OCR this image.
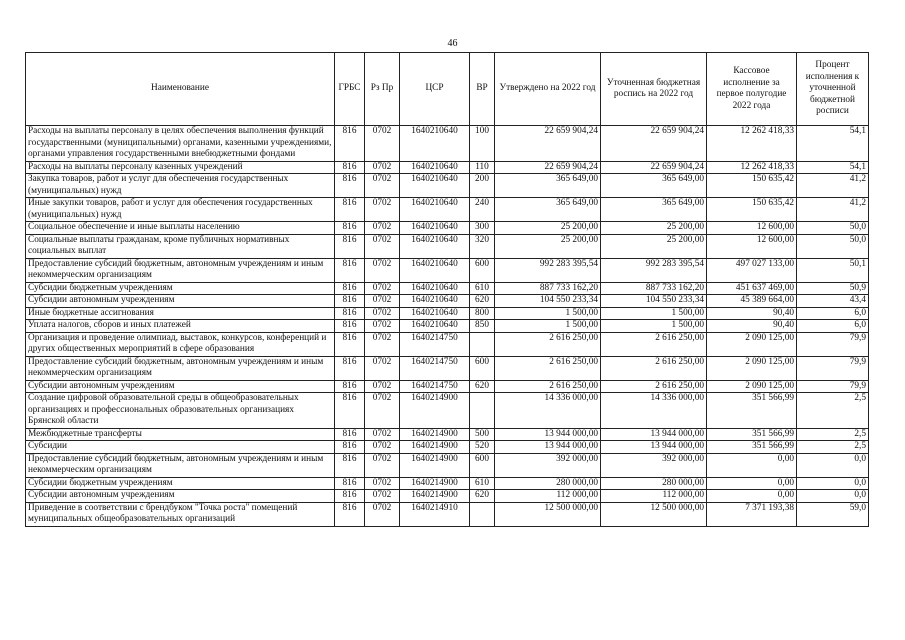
46
Наименование	ГРБС	Рз Пр	ЦСР	ВР	Утверждено на 2022 год	Уточненная бюджетная роспись на 2022 год	Кассовое исполнение за первое полугодие 2022 года	Процент исполнения к уточненной бюджетной росписи
Расходы на выплаты персоналу в целях обеспечения выполнения функций государственными (муниципальными) органами, казенными учреждениями, органами управления государственными внебюджетными фондами	816	0702	1640210640	100	22 659 904,24	22 659 904,24	12 262 418,33	54,1
Расходы на выплаты персоналу казенных учреждений	816	0702	1640210640	110	22 659 904,24	22 659 904,24	12 262 418,33	54,1
Закупка товаров, работ и услуг для обеспечения государственных (муниципальных) нужд	816	0702	1640210640	200	365 649,00	365 649,00	150 635,42	41,2
Иные закупки товаров, работ и услуг для обеспечения государственных (муниципальных) нужд	816	0702	1640210640	240	365 649,00	365 649,00	150 635,42	41,2
Социальное обеспечение и иные выплаты населению	816	0702	1640210640	300	25 200,00	25 200,00	12 600,00	50,0
Социальные выплаты гражданам, кроме публичных нормативных социальных выплат	816	0702	1640210640	320	25 200,00	25 200,00	12 600,00	50,0
Предоставление субсидий бюджетным, автономным учреждениям и иным некоммерческим организациям	816	0702	1640210640	600	992 283 395,54	992 283 395,54	497 027 133,00	50,1
Субсидии бюджетным учреждениям	816	0702	1640210640	610	887 733 162,20	887 733 162,20	451 637 469,00	50,9
Субсидии автономным учреждениям	816	0702	1640210640	620	104 550 233,34	104 550 233,34	45 389 664,00	43,4
Иные бюджетные ассигнования	816	0702	1640210640	800	1 500,00	1 500,00	90,40	6,0
Уплата налогов, сборов и иных платежей	816	0702	1640210640	850	1 500,00	1 500,00	90,40	6,0
Организация и проведение олимпиад, выставок, конкурсов, конференций и других общественных мероприятий в сфере образования	816	0702	1640214750		2 616 250,00	2 616 250,00	2 090 125,00	79,9
Предоставление субсидий бюджетным, автономным учреждениям и иным некоммерческим организациям	816	0702	1640214750	600	2 616 250,00	2 616 250,00	2 090 125,00	79,9
Субсидии автономным учреждениям	816	0702	1640214750	620	2 616 250,00	2 616 250,00	2 090 125,00	79,9
Создание цифровой образовательной среды в общеобразовательных организациях и профессиональных образовательных организациях Брянской области	816	0702	1640214900		14 336 000,00	14 336 000,00	351 566,99	2,5
Межбюджетные трансферты	816	0702	1640214900	500	13 944 000,00	13 944 000,00	351 566,99	2,5
Субсидии	816	0702	1640214900	520	13 944 000,00	13 944 000,00	351 566,99	2,5
Предоставление субсидий бюджетным, автономным учреждениям и иным некоммерческим организациям	816	0702	1640214900	600	392 000,00	392 000,00	0,00	0,0
Субсидии бюджетным учреждениям	816	0702	1640214900	610	280 000,00	280 000,00	0,00	0,0
Субсидии автономным учреждениям	816	0702	1640214900	620	112 000,00	112 000,00	0,00	0,0
Приведение в соответствии с брендбуком "Точка роста" помещений муниципальных общеобразовательных организаций	816	0702	1640214910		12 500 000,00	12 500 000,00	7 371 193,38	59,0
